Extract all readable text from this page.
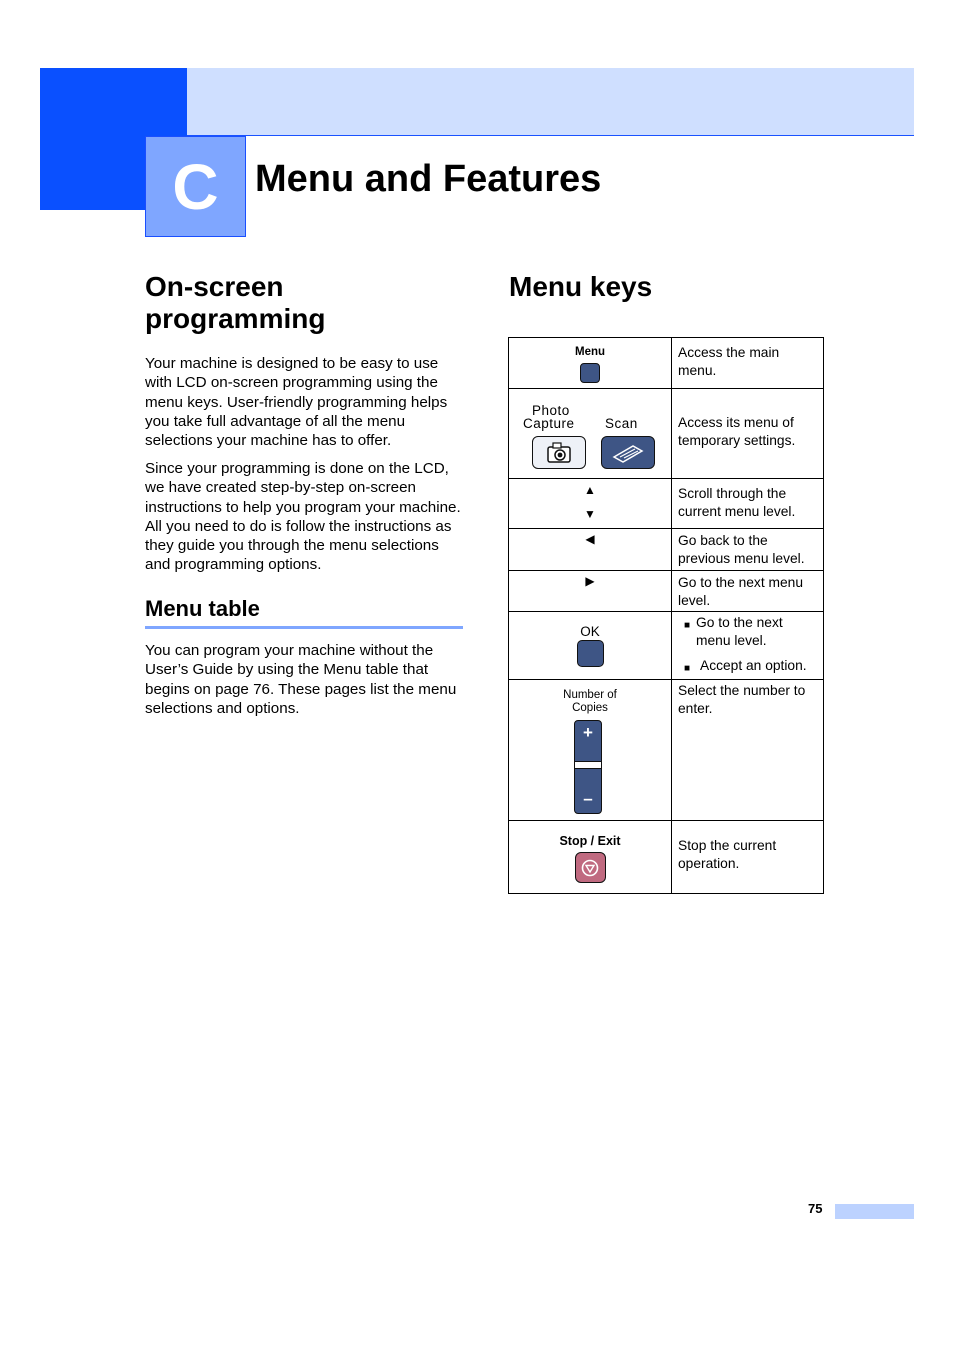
C Menu and Features
On-screen
programming

Your machine is designed to be easy to use with LCD on-screen programming using the menu keys. User-friendly programming helps you take full advantage of all the menu selections your machine has to offer.

Since your programming is done on the LCD, we have created step-by-step on-screen instructions to help you program your machine. All you need to do is follow the instructions as they guide you through the menu selections and programming options.

Menu table

You can program your machine without the User’s Guide by using the Menu table that begins on page 76. These pages list the menu selections and options.

Menu keys
Menu	Access the main menu.

Photo
Capture Scan	Access its menu of temporary settings.

▲
▼	Scroll through the current menu level.

◀	Go back to the previous menu level.

▶	Go to the next menu level.

OK	■ Go to the next menu level.
■ Accept an option.

Number of
Copies
+
–	Select the number to enter.

Stop / Exit	Stop the current operation.
75
